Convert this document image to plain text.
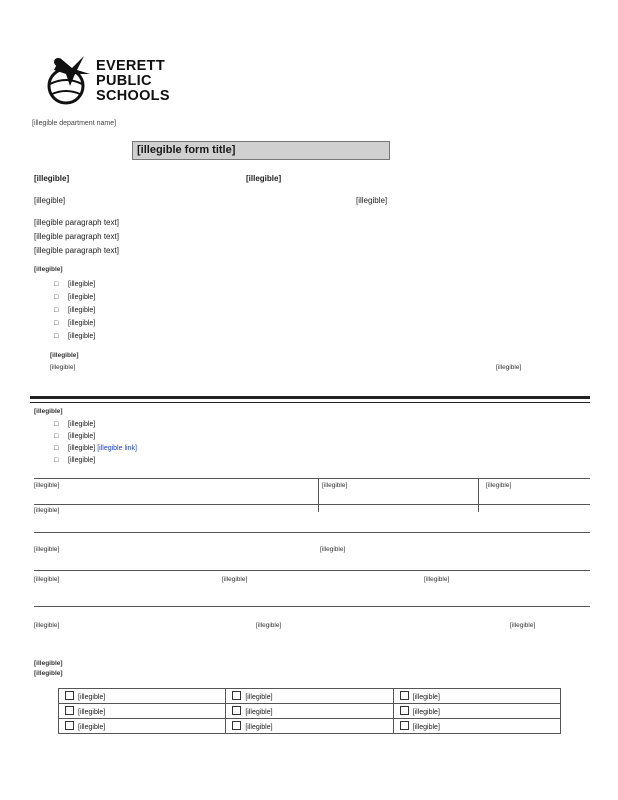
EVERETT
PUBLIC
SCHOOLS
[illegible department name]
[illegible form title]
[illegible]	[illegible]
[illegible]	[illegible]
[illegible paragraph text]
[illegible paragraph text]
[illegible paragraph text]
[illegible]
□ [illegible]
□ [illegible]
□ [illegible]
□ [illegible]
□ [illegible]
[illegible]
[illegible]	[illegible]
[illegible]
□ [illegible]
□ [illegible]
□ [illegible] [illegible link]
□ [illegible]
[illegible]	[illegible]	[illegible]
[illegible]
[illegible]	[illegible]
[illegible]	[illegible]	[illegible]
[illegible]	[illegible]	[illegible]
[illegible]
[illegible]
[illegible]	[illegible]	[illegible]
[illegible]	[illegible]	[illegible]
[illegible]	[illegible]	[illegible]
